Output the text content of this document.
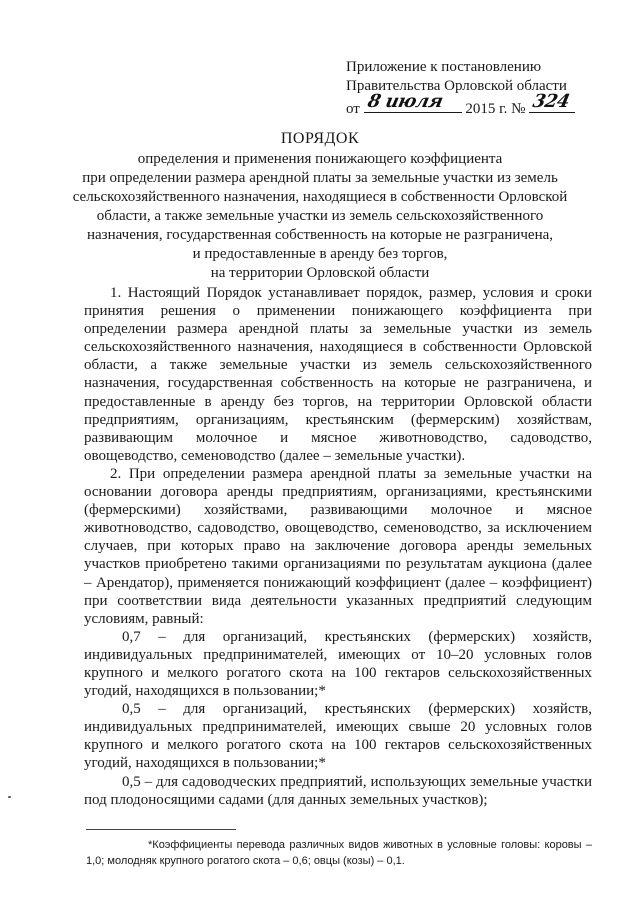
Приложение к постановлению
Правительства Орловской области
от 8 июля 2015 г. № 324
ПОРЯДОК
определения и применения понижающего коэффициента
при определении размера арендной платы за земельные участки из земель
сельскохозяйственного назначения, находящиеся в собственности Орловской
области, а также земельные участки из земель сельскохозяйственного
назначения, государственная собственность на которые не разграничена,
и предоставленные в аренду без торгов,
на территории Орловской области

1. Настоящий Порядок устанавливает порядок, размер, условия и сроки принятия решения о применении понижающего коэффициента при определении размера арендной платы за земельные участки из земель сельскохозяйственного назначения, находящиеся в собственности Орловской области, а также земельные участки из земель сельскохозяйственного назначения, государственная собственность на которые не разграничена, и предоставленные в аренду без торгов, на территории Орловской области предприятиям, организациям, крестьянским (фермерским) хозяйствам, развивающим молочное и мясное животноводство, садоводство, овощеводство, семеноводство (далее – земельные участки).

2. При определении размера арендной платы за земельные участки на основании договора аренды предприятиям, организациями, крестьянскими (фермерскими) хозяйствами, развивающими молочное и мясное животноводство, садоводство, овощеводство, семеноводство, за исключением случаев, при которых право на заключение договора аренды земельных участков приобретено такими организациями по результатам аукциона (далее – Арендатор), применяется понижающий коэффициент (далее – коэффициент) при соответствии вида деятельности указанных предприятий следующим условиям, равный:

0,7 – для организаций, крестьянских (фермерских) хозяйств, индивидуальных предпринимателей, имеющих от 10–20 условных голов крупного и мелкого рогатого скота на 100 гектаров сельскохозяйственных угодий, находящихся в пользовании;*

0,5 – для организаций, крестьянских (фермерских) хозяйств, индивидуальных предпринимателей, имеющих свыше 20 условных голов крупного и мелкого рогатого скота на 100 гектаров сельскохозяйственных угодий, находящихся в пользовании;*

0,5 – для садоводческих предприятий, использующих земельные участки под плодоносящими садами (для данных земельных участков);

*Коэффициенты перевода различных видов животных в условные головы: коровы – 1,0; молодняк крупного рогатого скота – 0,6; овцы (козы) – 0,1.
